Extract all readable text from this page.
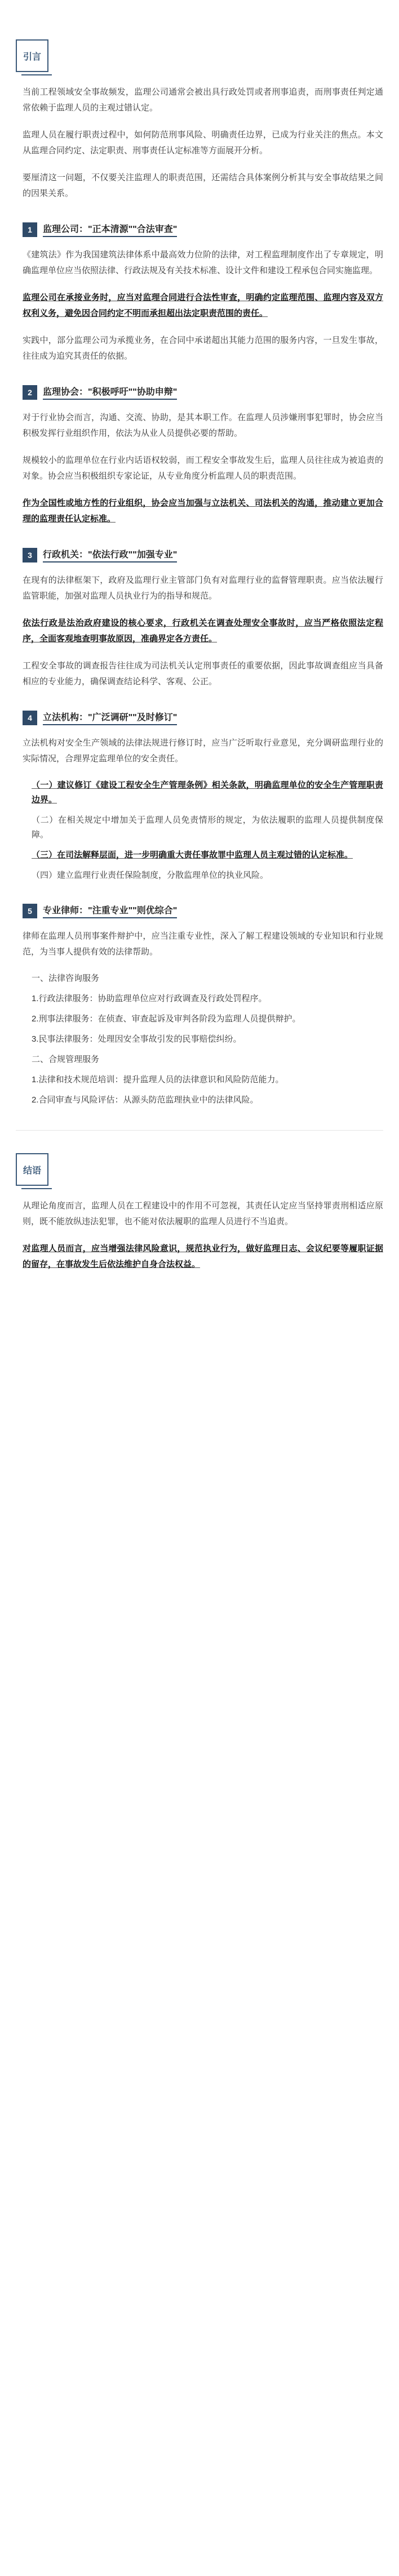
引言

当前工程领域安全事故频发，监理公司通常会被出具行政处罚或者刑事追责，而刑事责任判定通常依赖于监理人员的主观过错认定。

监理人员在履行职责过程中，如何防范刑事风险、明确责任边界，已成为行业关注的焦点。本文从监理合同约定、法定职责、刑事责任认定标准等方面展开分析。

要厘清这一问题，不仅要关注监理人的职责范围，还需结合具体案例分析其与安全事故结果之间的因果关系。

1	监理公司："正本清源""合法审查"

《建筑法》作为我国建筑法律体系中最高效力位阶的法律，对工程监理制度作出了专章规定，明确监理单位应当依照法律、行政法规及有关技术标准、设计文件和建设工程承包合同实施监理。

监理公司在承接业务时，应当对监理合同进行合法性审查，明确约定监理范围、监理内容及双方权利义务，避免因合同约定不明而承担超出法定职责范围的责任。

实践中，部分监理公司为承揽业务，在合同中承诺超出其能力范围的服务内容，一旦发生事故，往往成为追究其责任的依据。

2	监理协会："积极呼吁""协助申辩"

对于行业协会而言，沟通、交流、协助，是其本职工作。在监理人员涉嫌刑事犯罪时，协会应当积极发挥行业组织作用，依法为从业人员提供必要的帮助。

规模较小的监理单位在行业内话语权较弱，而工程安全事故发生后，监理人员往往成为被追责的对象。协会应当积极组织专家论证，从专业角度分析监理人员的职责范围。

作为全国性或地方性的行业组织，协会应当加强与立法机关、司法机关的沟通，推动建立更加合理的监理责任认定标准。

3	行政机关："依法行政""加强专业"

在现有的法律框架下，政府及监理行业主管部门负有对监理行业的监督管理职责。应当依法履行监管职能，加强对监理人员执业行为的指导和规范。

依法行政是法治政府建设的核心要求，行政机关在调查处理安全事故时，应当严格依照法定程序，全面客观地查明事故原因，准确界定各方责任。

工程安全事故的调查报告往往成为司法机关认定刑事责任的重要依据，因此事故调查组应当具备相应的专业能力，确保调查结论科学、客观、公正。

4	立法机构："广泛调研""及时修订"

立法机构对安全生产领域的法律法规进行修订时，应当广泛听取行业意见，充分调研监理行业的实际情况，合理界定监理单位的安全责任。

（一）建议修订《建设工程安全生产管理条例》相关条款，明确监理单位的安全生产管理职责边界。
（二）在相关规定中增加关于监理人员免责情形的规定，为依法履职的监理人员提供制度保障。
（三）在司法解释层面，进一步明确重大责任事故罪中监理人员主观过错的认定标准。
（四）建立监理行业责任保险制度，分散监理单位的执业风险。
5	专业律师："注重专业""则优综合"

律师在监理人员刑事案件辩护中，应当注重专业性，深入了解工程建设领域的专业知识和行业规范，为当事人提供有效的法律帮助。

一、法律咨询服务
1.行政法律服务：协助监理单位应对行政调查及行政处罚程序。
2.刑事法律服务：在侦查、审查起诉及审判各阶段为监理人员提供辩护。
3.民事法律服务：处理因安全事故引发的民事赔偿纠纷。
二、合规管理服务
1.法律和技术规范培训：提升监理人员的法律意识和风险防范能力。
2.合同审查与风险评估：从源头防范监理执业中的法律风险。
结语

从理论角度而言，监理人员在工程建设中的作用不可忽视，其责任认定应当坚持罪责刑相适应原则，既不能放纵违法犯罪，也不能对依法履职的监理人员进行不当追责。

对监理人员而言，应当增强法律风险意识，规范执业行为，做好监理日志、会议纪要等履职证据的留存，在事故发生后依法维护自身合法权益。
